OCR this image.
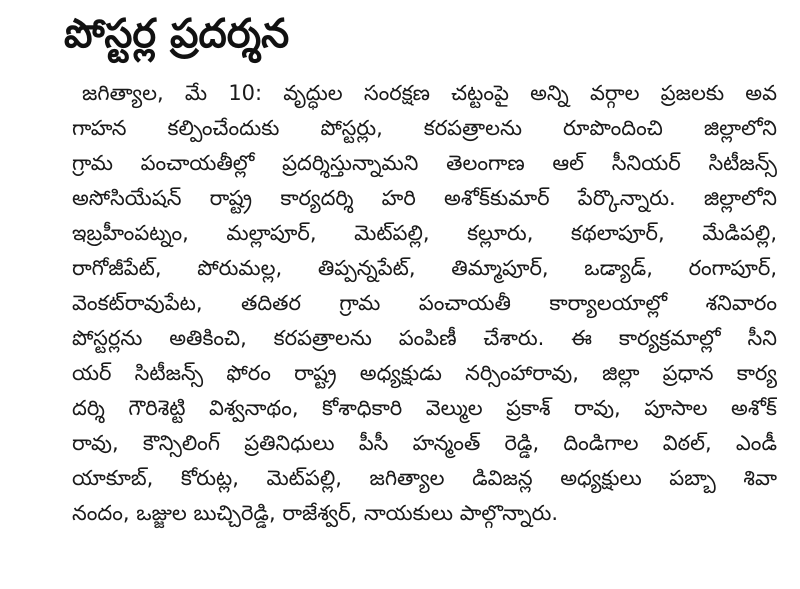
పోస్టర్ల ప్రదర్శన
జగిత్యాల, మే 10: వృద్ధుల సంరక్షణ చట్టంపై అన్ని వర్గాల ప్రజలకు అవ
గాహన కల్పించేందుకు పోస్టర్లు, కరపత్రాలను రూపొందించి జిల్లాలోని
గ్రామ పంచాయతీల్లో ప్రదర్శిస్తున్నామని తెలంగాణ ఆల్ సీనియర్ సిటీజన్స్
అసోసియేషన్ రాష్ట్ర కార్యదర్శి హరి అశోక్‌కుమార్ పేర్కొన్నారు. జిల్లాలోని
ఇబ్రహీంపట్నం, మల్లాపూర్, మెట్‌పల్లి, కల్లూరు, కథలాపూర్, మేడిపల్లి,
రాగోజీపేట్, పోరుమల్ల, తిప్పన్నపేట్, తిమ్మాపూర్, ఒడ్యాడ్, రంగాపూర్,
వెంకట్‌రావుపేట, తదితర గ్రామ పంచాయతీ కార్యాలయాల్లో శనివారం
పోస్టర్లను అతికించి, కరపత్రాలను పంపిణీ చేశారు. ఈ కార్యక్రమాల్లో సీని
యర్ సిటీజన్స్ ఫోరం రాష్ట్ర అధ్యక్షుడు నర్సింహారావు, జిల్లా ప్రధాన కార్య
దర్శి గౌరిశెట్టి విశ్వనాథం, కోశాధికారి వెల్ముల ప్రకాశ్ రావు, పూసాల అశోక్
రావు, కౌన్సిలింగ్ ప్రతినిధులు పీసీ హన్మంత్ రెడ్డి, దిండిగాల విఠల్, ఎండీ
యాకూబ్, కోరుట్ల, మెట్‌పల్లి, జగిత్యాల డివిజన్ల అధ్యక్షులు పబ్బా శివా
నందం, ఒజ్జుల బుచ్చిరెడ్డి, రాజేశ్వర్, నాయకులు పాల్గొన్నారు.
